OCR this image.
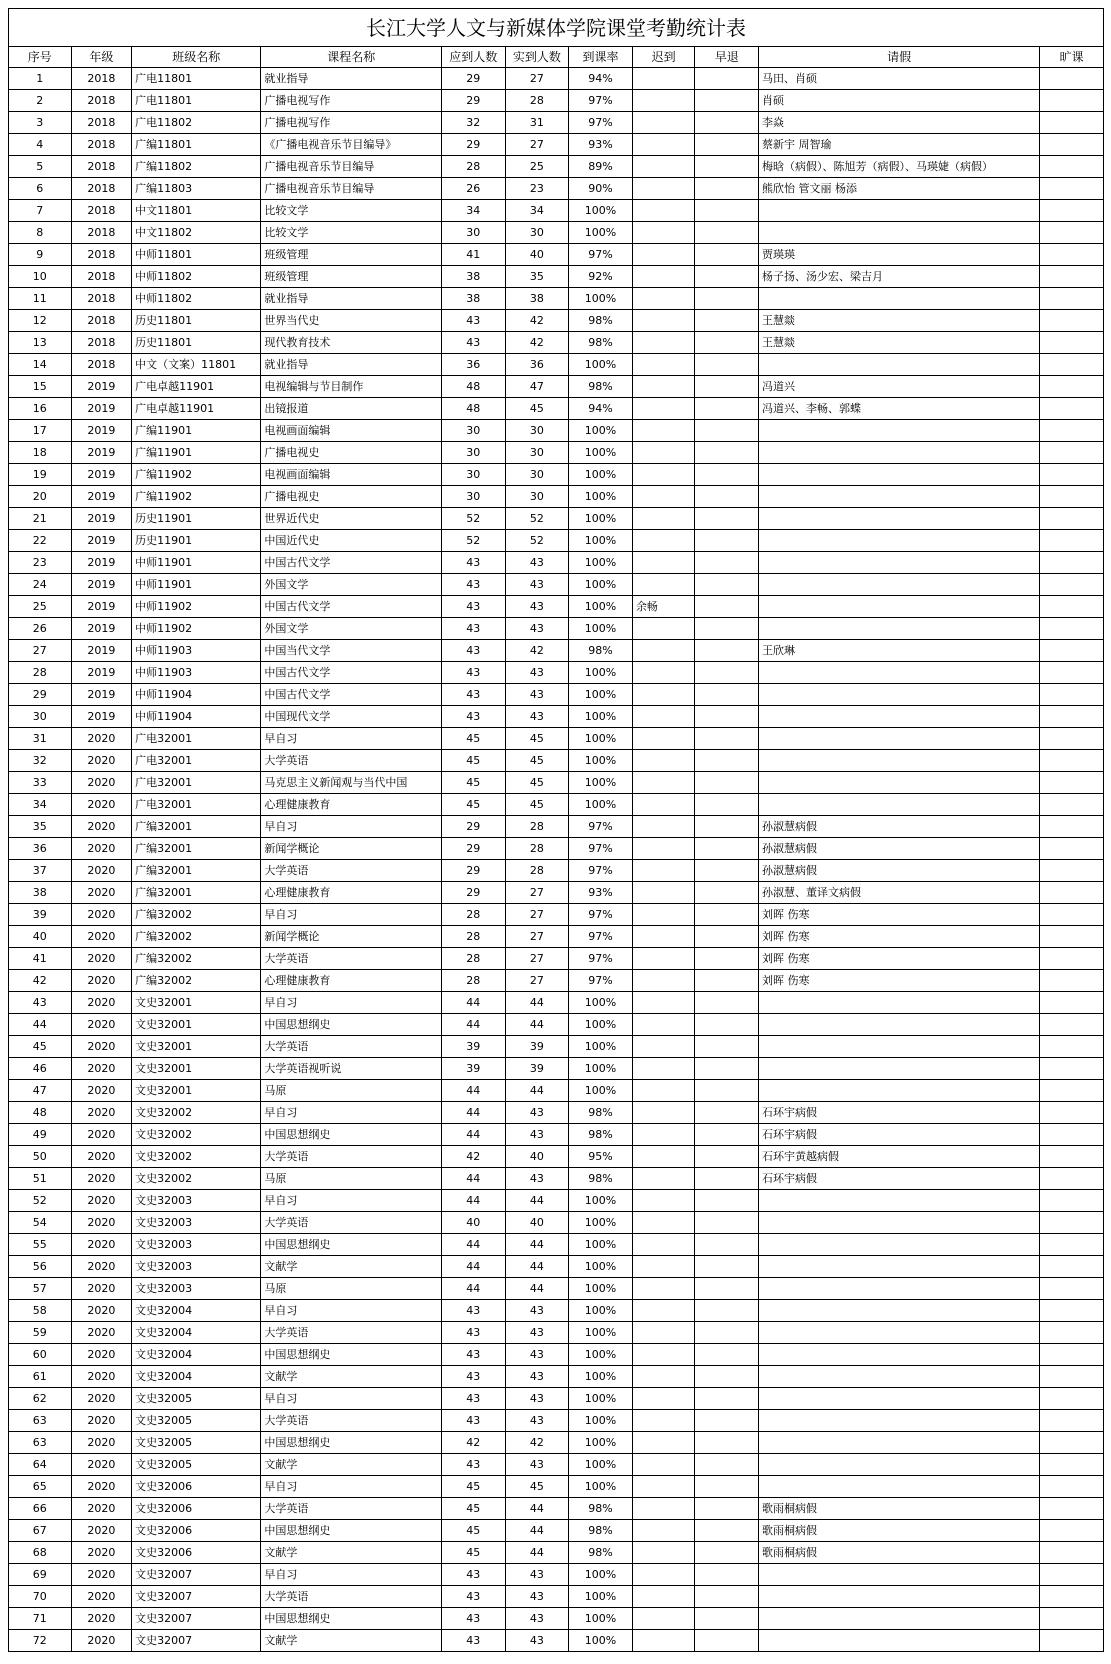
长江大学人文与新媒体学院课堂考勤统计表										
序号	年级	班级名称	课程名称	应到人数	实到人数	到课率	迟到	早退	请假	旷课
1	2018	广电11801	就业指导	29	27	94%			马田、肖硕	
2	2018	广电11801	广播电视写作	29	28	97%			肖硕	
3	2018	广电11802	广播电视写作	32	31	97%			李焱	
4	2018	广编11801	《广播电视音乐节目编导》	29	27	93%			蔡新宇 周智瑜	
5	2018	广编11802	广播电视音乐节目编导	28	25	89%			梅晗（病假）、陈旭芳（病假）、马瑛婕（病假）	
6	2018	广编11803	广播电视音乐节目编导	26	23	90%			熊欣怡 管文丽 杨添	
7	2018	中文11801	比较文学	34	34	100%				
8	2018	中文11802	比较文学	30	30	100%				
9	2018	中师11801	班级管理	41	40	97%			贾瑛瑛	
10	2018	中师11802	班级管理	38	35	92%			杨子扬、汤少宏、梁吉月	
11	2018	中师11802	就业指导	38	38	100%				
12	2018	历史11801	世界当代史	43	42	98%			王慧燚	
13	2018	历史11801	现代教育技术	43	42	98%			王慧燚	
14	2018	中文（文案）11801	就业指导	36	36	100%				
15	2019	广电卓越11901	电视编辑与节目制作	48	47	98%			冯道兴	
16	2019	广电卓越11901	出镜报道	48	45	94%			冯道兴、李畅、郭蝶	
17	2019	广编11901	电视画面编辑	30	30	100%				
18	2019	广编11901	广播电视史	30	30	100%				
19	2019	广编11902	电视画面编辑	30	30	100%				
20	2019	广编11902	广播电视史	30	30	100%				
21	2019	历史11901	世界近代史	52	52	100%				
22	2019	历史11901	中国近代史	52	52	100%				
23	2019	中师11901	中国古代文学	43	43	100%				
24	2019	中师11901	外国文学	43	43	100%				
25	2019	中师11902	中国古代文学	43	43	100%	余畅			
26	2019	中师11902	外国文学	43	43	100%				
27	2019	中师11903	中国当代文学	43	42	98%			王欣琳	
28	2019	中师11903	中国古代文学	43	43	100%				
29	2019	中师11904	中国古代文学	43	43	100%				
30	2019	中师11904	中国现代文学	43	43	100%				
31	2020	广电32001	早自习	45	45	100%				
32	2020	广电32001	大学英语	45	45	100%				
33	2020	广电32001	马克思主义新闻观与当代中国	45	45	100%				
34	2020	广电32001	心理健康教育	45	45	100%				
35	2020	广编32001	早自习	29	28	97%			孙淑慧病假	
36	2020	广编32001	新闻学概论	29	28	97%			孙淑慧病假	
37	2020	广编32001	大学英语	29	28	97%			孙淑慧病假	
38	2020	广编32001	心理健康教育	29	27	93%			孙淑慧、董译文病假	
39	2020	广编32002	早自习	28	27	97%			刘晖 伤寒	
40	2020	广编32002	新闻学概论	28	27	97%			刘晖 伤寒	
41	2020	广编32002	大学英语	28	27	97%			刘晖 伤寒	
42	2020	广编32002	心理健康教育	28	27	97%			刘晖 伤寒	
43	2020	文史32001	早自习	44	44	100%				
44	2020	文史32001	中国思想纲史	44	44	100%				
45	2020	文史32001	大学英语	39	39	100%				
46	2020	文史32001	大学英语视听说	39	39	100%				
47	2020	文史32001	马原	44	44	100%				
48	2020	文史32002	早自习	44	43	98%			石环宇病假	
49	2020	文史32002	中国思想纲史	44	43	98%			石环宇病假	
50	2020	文史32002	大学英语	42	40	95%			石环宇黄越病假	
51	2020	文史32002	马原	44	43	98%			石环宇病假	
52	2020	文史32003	早自习	44	44	100%				
54	2020	文史32003	大学英语	40	40	100%				
55	2020	文史32003	中国思想纲史	44	44	100%				
56	2020	文史32003	文献学	44	44	100%				
57	2020	文史32003	马原	44	44	100%				
58	2020	文史32004	早自习	43	43	100%				
59	2020	文史32004	大学英语	43	43	100%				
60	2020	文史32004	中国思想纲史	43	43	100%				
61	2020	文史32004	文献学	43	43	100%				
62	2020	文史32005	早自习	43	43	100%				
63	2020	文史32005	大学英语	43	43	100%				
63	2020	文史32005	中国思想纲史	42	42	100%				
64	2020	文史32005	文献学	43	43	100%				
65	2020	文史32006	早自习	45	45	100%				
66	2020	文史32006	大学英语	45	44	98%			歌雨桐病假	
67	2020	文史32006	中国思想纲史	45	44	98%			歌雨桐病假	
68	2020	文史32006	文献学	45	44	98%			歌雨桐病假	
69	2020	文史32007	早自习	43	43	100%				
70	2020	文史32007	大学英语	43	43	100%				
71	2020	文史32007	中国思想纲史	43	43	100%				
72	2020	文史32007	文献学	43	43	100%				
